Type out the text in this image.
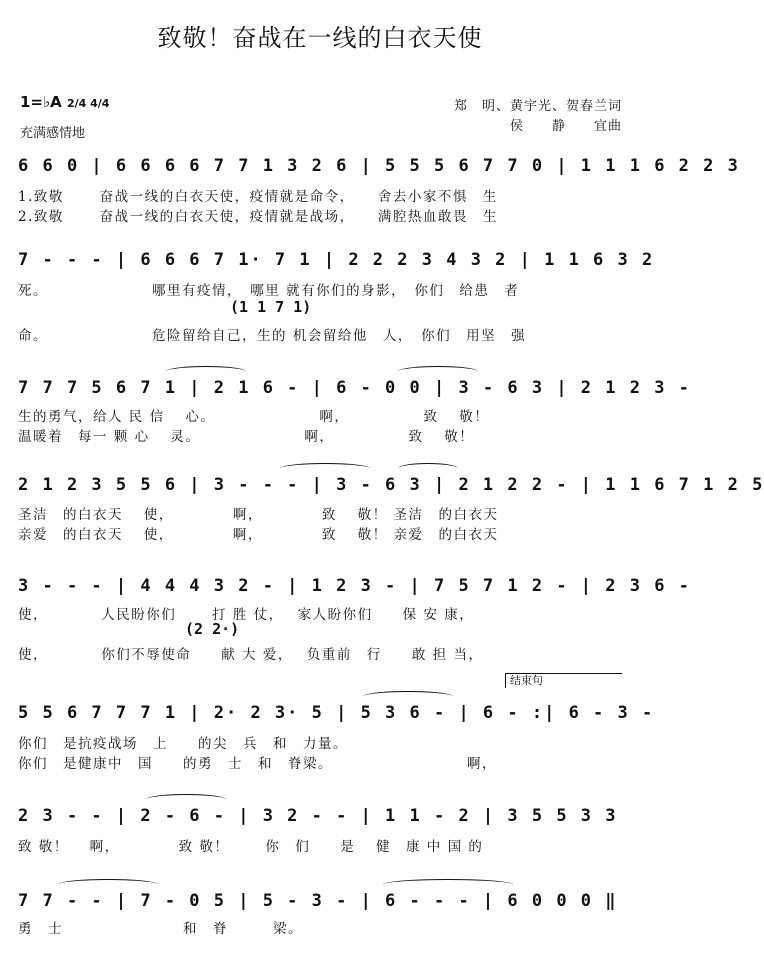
致敬！奋战在一线的白衣天使
1=♭A 2/4 4/4
充满感情地
郑　明、黄宇光、贺春兰词
侯　　静　　宜曲
6 6 0 | 6 6 6 6 7 7 1 3 2 6 | 5 5 5 6 7 7 0 | 1 1 1 6 2 2 3
1.致敬　　 奋战一线的白衣天使，疫情就是命令，　　舍去小家不惧　生
2.致敬　　 奋战一线的白衣天使，疫情就是战场，　　满腔热血敢畏　生
7 - - - | 6 6 6 7 1· 7 1 | 2 2 2 3 4 3 2 | 1 1 6 3 2
死。　　　　　　　 哪里有疫情，　哪里 就有你们的身影，　你们　给患　者
(1 1 7 1)
命。　　　　　　　 危险留给自己，生的 机会留给他　人，　你们　用坚　强
7 7 7 5 6 7 1 | 2 1 6 - | 6 - 0 0 | 3 - 6 3 | 2 1 2 3 -
生的勇气，给人 民 信　 心。　　　　　　　 啊，　　　　　 致　 敬！
温暖着　每一 颗 心　 灵。　　　　　　　 啊，　　　　　 致　 敬！
2 1 2 3 5 5 6 | 3 - - - | 3 - 6 3 | 2 1 2 2 - | 1 1 6 7 1 2 5
圣洁　的白衣天　 使，　　　　 啊，　　　　 致　 敬！ 圣洁　的白衣天
亲爱　的白衣天　 使，　　　　 啊，　　　　 致　 敬！ 亲爱　的白衣天
3 - - - | 4 4 4 3 2 - | 1 2 3 - | 7 5 7 1 2 - | 2 3 6 -
使，　　　　人民盼你们　　 打 胜 仗，　 家人盼你们　　保 安 康，
(2 2·)
使，　　　　你们不辱使命　　献 大 爱，　 负重前　行　　敢 担 当，
结束句
5 5 6 7 7 7 1 | 2· 2 3· 5 | 5 3 6 - | 6 - :| 6 - 3 -
你们　是抗疫战场　上　　的尖　兵　和　力量。
你们　是健康中　国　　的勇　士　和　脊梁。　　　　　　　　　 啊，
2 3 - - | 2 - 6 - | 3 2 - - | 1 1 - 2 | 3 5 5 3 3
致 敬！　 啊，　　　　 致 敬！　　 你　们　　是　 健　康 中 国 的
7 7 - - | 7 - 0 5 | 5 - 3 - | 6 - - - | 6 0 0 0 ‖
勇　士　　　　　　　　和　脊　　　梁。
